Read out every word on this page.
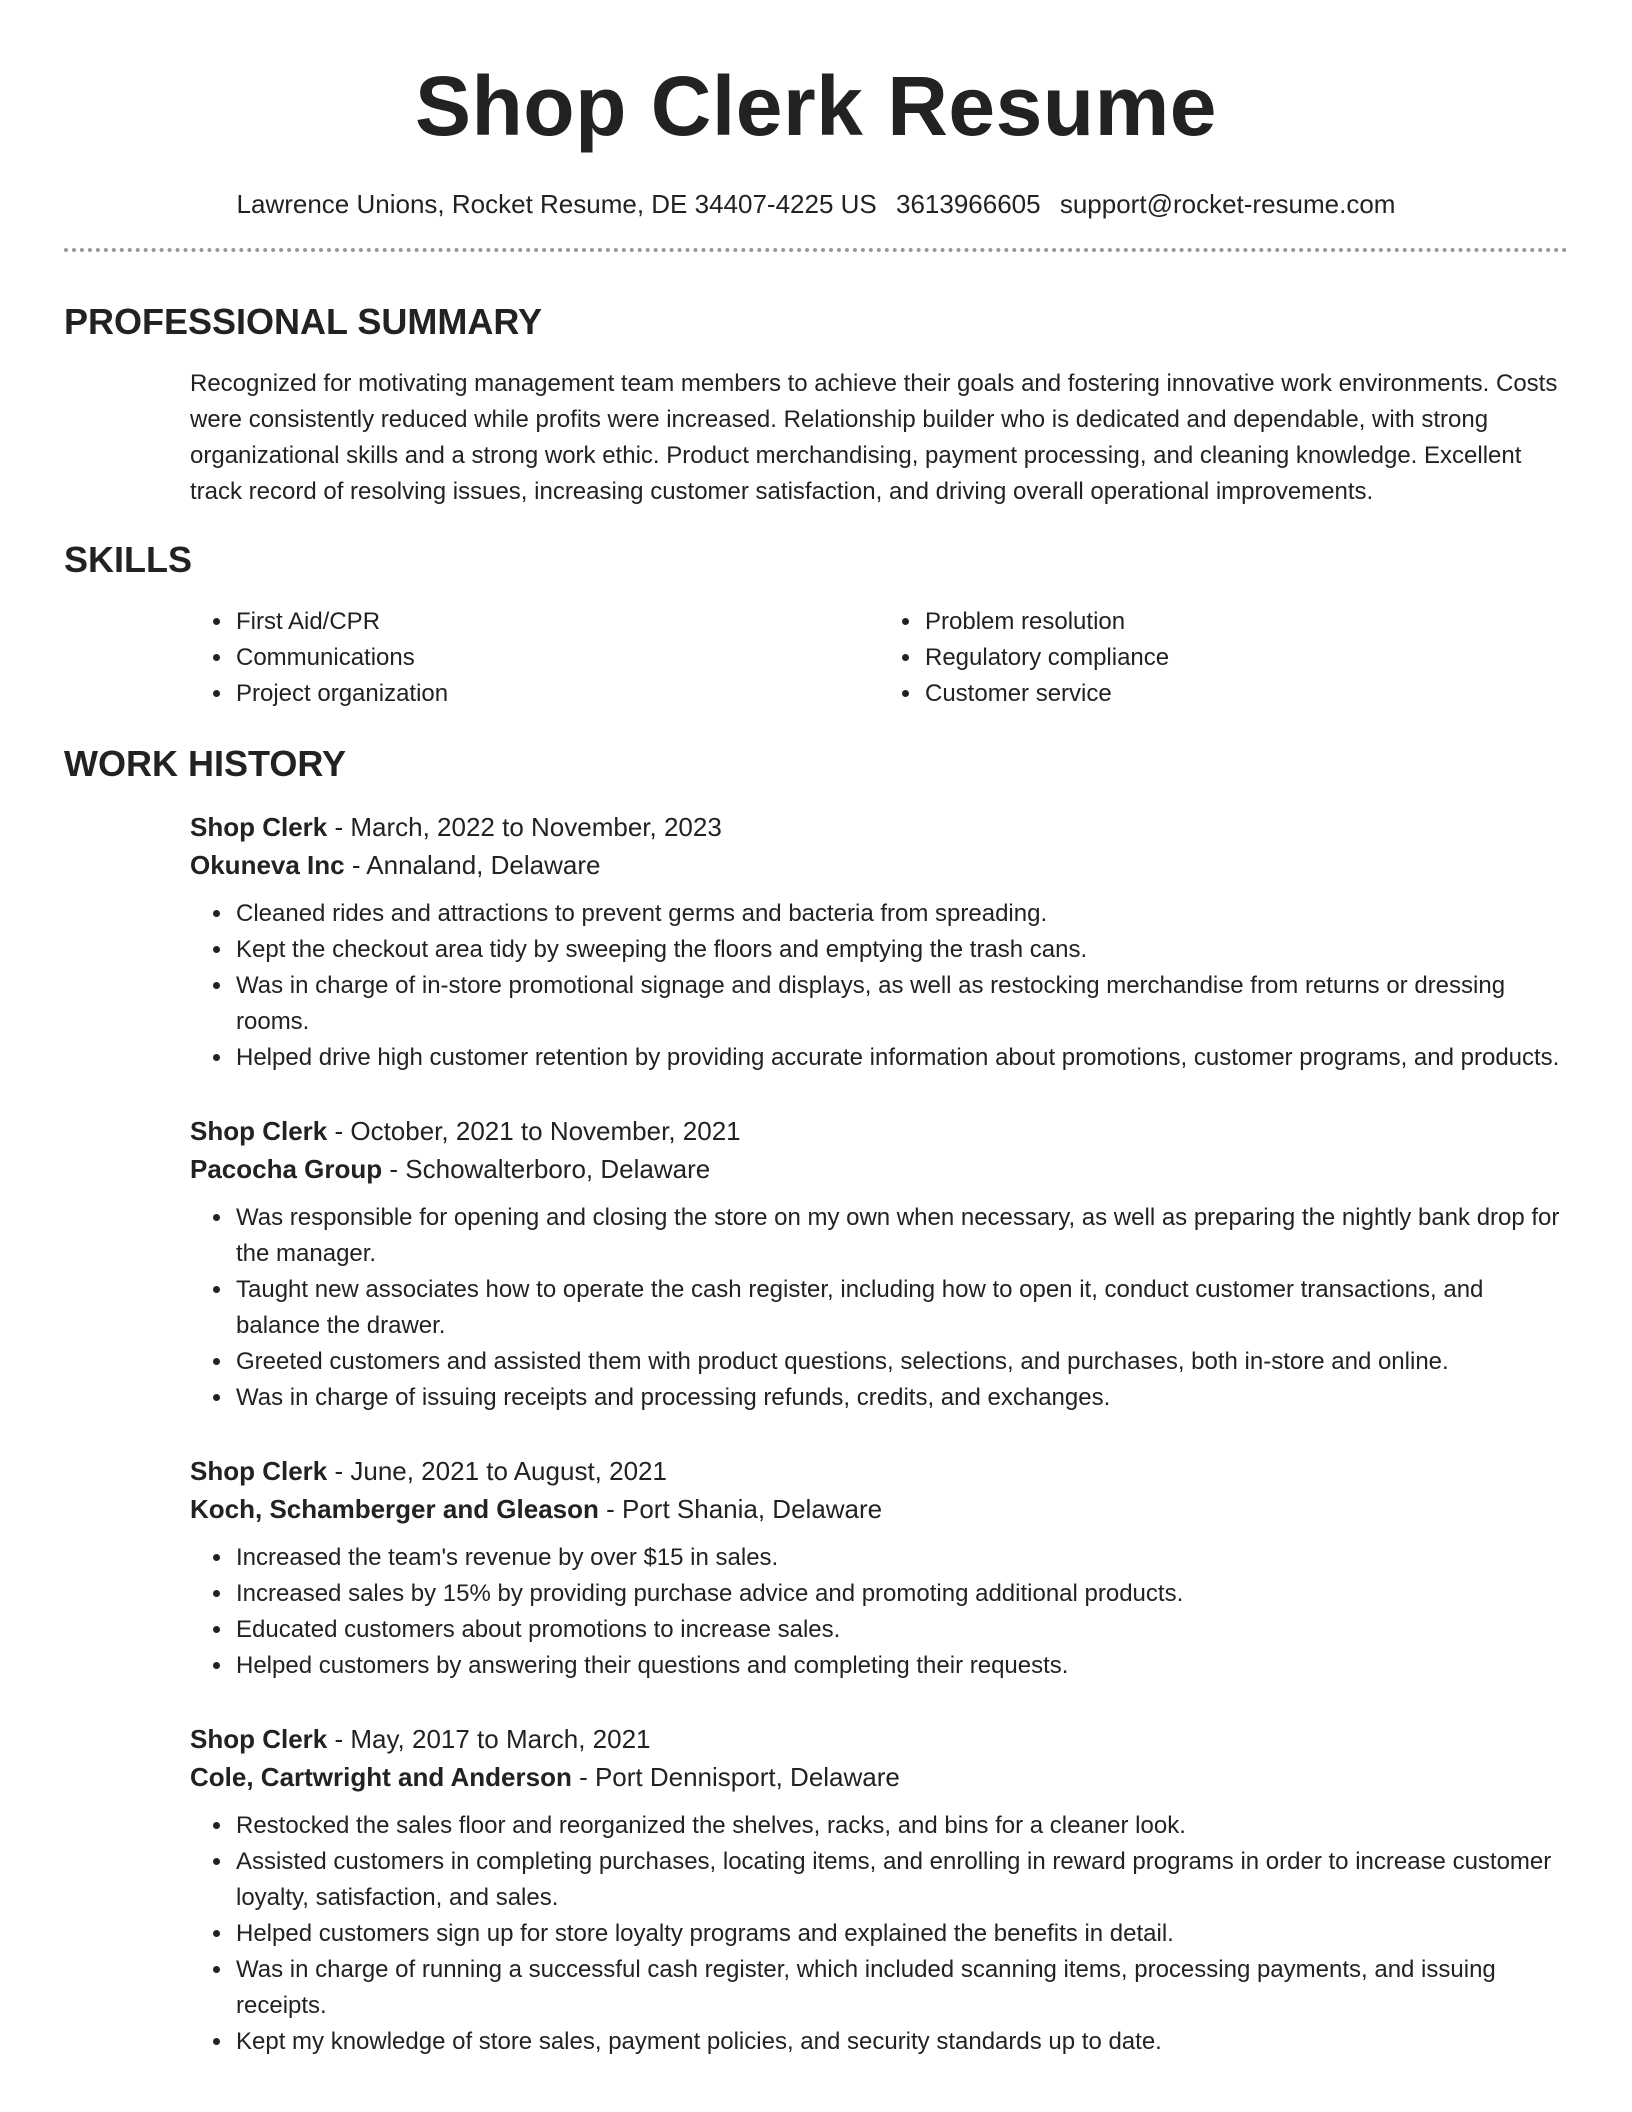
Shop Clerk Resume
Lawrence Unions, Rocket Resume, DE 34407-4225 US 3613966605 support@rocket-resume.com
PROFESSIONAL SUMMARY

Recognized for motivating management team members to achieve their goals and fostering innovative work environments. Costs were consistently reduced while profits were increased. Relationship builder who is dedicated and dependable, with strong organizational skills and a strong work ethic. Product merchandising, payment processing, and cleaning knowledge. Excellent track record of resolving issues, increasing customer satisfaction, and driving overall operational improvements.

SKILLS
• First Aid/CPR
• Communications
• Project organization
• Problem resolution
• Regulatory compliance
• Customer service
WORK HISTORY
Shop Clerk - March, 2022 to November, 2023
Okuneva Inc - Annaland, Delaware
• Cleaned rides and attractions to prevent germs and bacteria from spreading.
• Kept the checkout area tidy by sweeping the floors and emptying the trash cans.
• Was in charge of in-store promotional signage and displays, as well as restocking merchandise from returns or dressing rooms.
• Helped drive high customer retention by providing accurate information about promotions, customer programs, and products.
Shop Clerk - October, 2021 to November, 2021
Pacocha Group - Schowalterboro, Delaware
• Was responsible for opening and closing the store on my own when necessary, as well as preparing the nightly bank drop for the manager.
• Taught new associates how to operate the cash register, including how to open it, conduct customer transactions, and balance the drawer.
• Greeted customers and assisted them with product questions, selections, and purchases, both in-store and online.
• Was in charge of issuing receipts and processing refunds, credits, and exchanges.
Shop Clerk - June, 2021 to August, 2021
Koch, Schamberger and Gleason - Port Shania, Delaware
• Increased the team's revenue by over $15 in sales.
• Increased sales by 15% by providing purchase advice and promoting additional products.
• Educated customers about promotions to increase sales.
• Helped customers by answering their questions and completing their requests.
Shop Clerk - May, 2017 to March, 2021
Cole, Cartwright and Anderson - Port Dennisport, Delaware
• Restocked the sales floor and reorganized the shelves, racks, and bins for a cleaner look.
• Assisted customers in completing purchases, locating items, and enrolling in reward programs in order to increase customer loyalty, satisfaction, and sales.
• Helped customers sign up for store loyalty programs and explained the benefits in detail.
• Was in charge of running a successful cash register, which included scanning items, processing payments, and issuing receipts.
• Kept my knowledge of store sales, payment policies, and security standards up to date.
